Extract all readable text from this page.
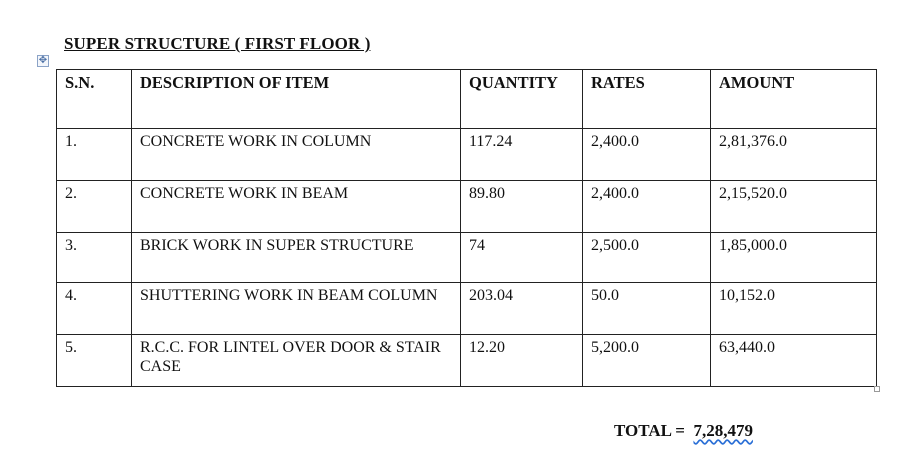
SUPER STRUCTURE ( FIRST FLOOR )
✥
S.N.	DESCRIPTION OF ITEM	QUANTITY	RATES	AMOUNT
1.	CONCRETE WORK IN COLUMN	117.24	2,400.0	2,81,376.0
2.	CONCRETE WORK IN BEAM	89.80	2,400.0	2,15,520.0
3.	BRICK WORK IN SUPER STRUCTURE	74	2,500.0	1,85,000.0
4.	SHUTTERING WORK IN BEAM COLUMN	203.04	50.0	10,152.0
5.	R.C.C. FOR LINTEL OVER DOOR & STAIR CASE	12.20	5,200.0	63,440.0
TOTAL =  7,28,479
